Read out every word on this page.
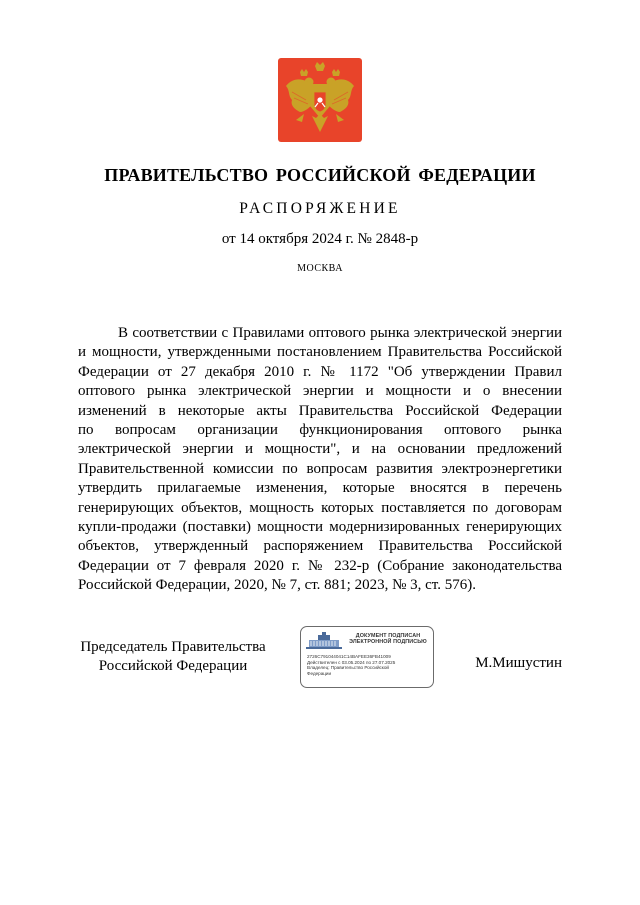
ПРАВИТЕЛЬСТВО РОССИЙСКОЙ ФЕДЕРАЦИИ
РАСПОРЯЖЕНИЕ
от 14 октября 2024 г. № 2848-р
МОСКВА
В соответствии с Правилами оптового рынка электрической энергии
и мощности, утвержденными постановлением Правительства Российской
Федерации от 27 декабря 2010 г. № 1172 "Об утверждении Правил
оптового рынка электрической энергии и мощности и о внесении
изменений в некоторые акты Правительства Российской Федерации
по вопросам организации функционирования оптового рынка
электрической энергии и мощности", и на основании предложений
Правительственной комиссии по вопросам развития электроэнергетики
утвердить прилагаемые изменения, которые вносятся в перечень
генерирующих объектов, мощность которых поставляется по договорам
купли-продажи (поставки) мощности модернизированных генерирующих
объектов, утвержденный распоряжением Правительства Российской
Федерации от 7 февраля 2020 г. № 232-р (Собрание законодательства
Российской Федерации, 2020, № 7, ст. 881; 2023, № 3, ст. 576).
Председатель Правительства
Российской Федерации
ДОКУМЕНТ ПОДПИСАН
ЭЛЕКТРОННОЙ ПОДПИСЬЮ
2726C791044041C14BAFEE36FB41009
Действителен с 03.05.2024 по 27.07.2025
Владелец: Правительство Российской
Федерации
М.Мишустин
